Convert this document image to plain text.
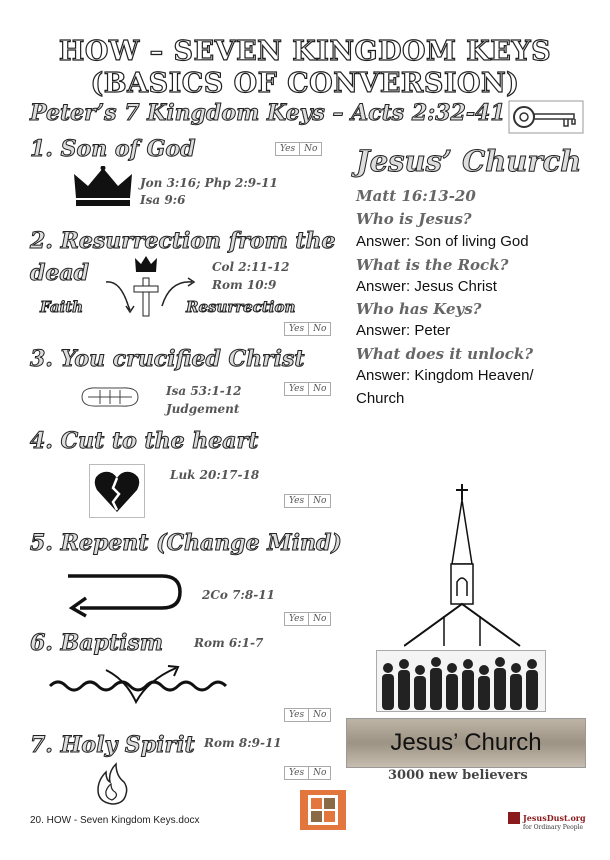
HOW – SEVEN KINGDOM KEYS
(BASICS OF CONVERSION)
Peter’s 7 Kingdom Keys – Acts 2:32-41
1. Son of God	Yes	No
Jon 3:16; Php 2:9-11
Isa 9:6
2. Resurrection from the
dead	Col 2:11-12
Rom 10:9
Faith	Resurrection
Yes	No
3. You crucified Christ
Isa 53:1-12
Judgement
Yes	No
4. Cut to the heart
Luk 20:17-18
Yes	No
5. Repent (Change Mind)
2Co 7:8-11
Yes	No
6. Baptism	Rom 6:1-7
Yes	No
7. Holy Spirit Rom 8:9-11
Yes	No
Jesus’ Church
Matt 16:13-20
Who is Jesus?
Answer: Son of living God
What is the Rock?
Answer: Jesus Christ
Who has Keys?
Answer: Peter
What does it unlock?
Answer: Kingdom Heaven/
Church
Jesus’ Church
3000 new believers
20. HOW - Seven Kingdom Keys.docx	JesusDust.org
for Ordinary People
